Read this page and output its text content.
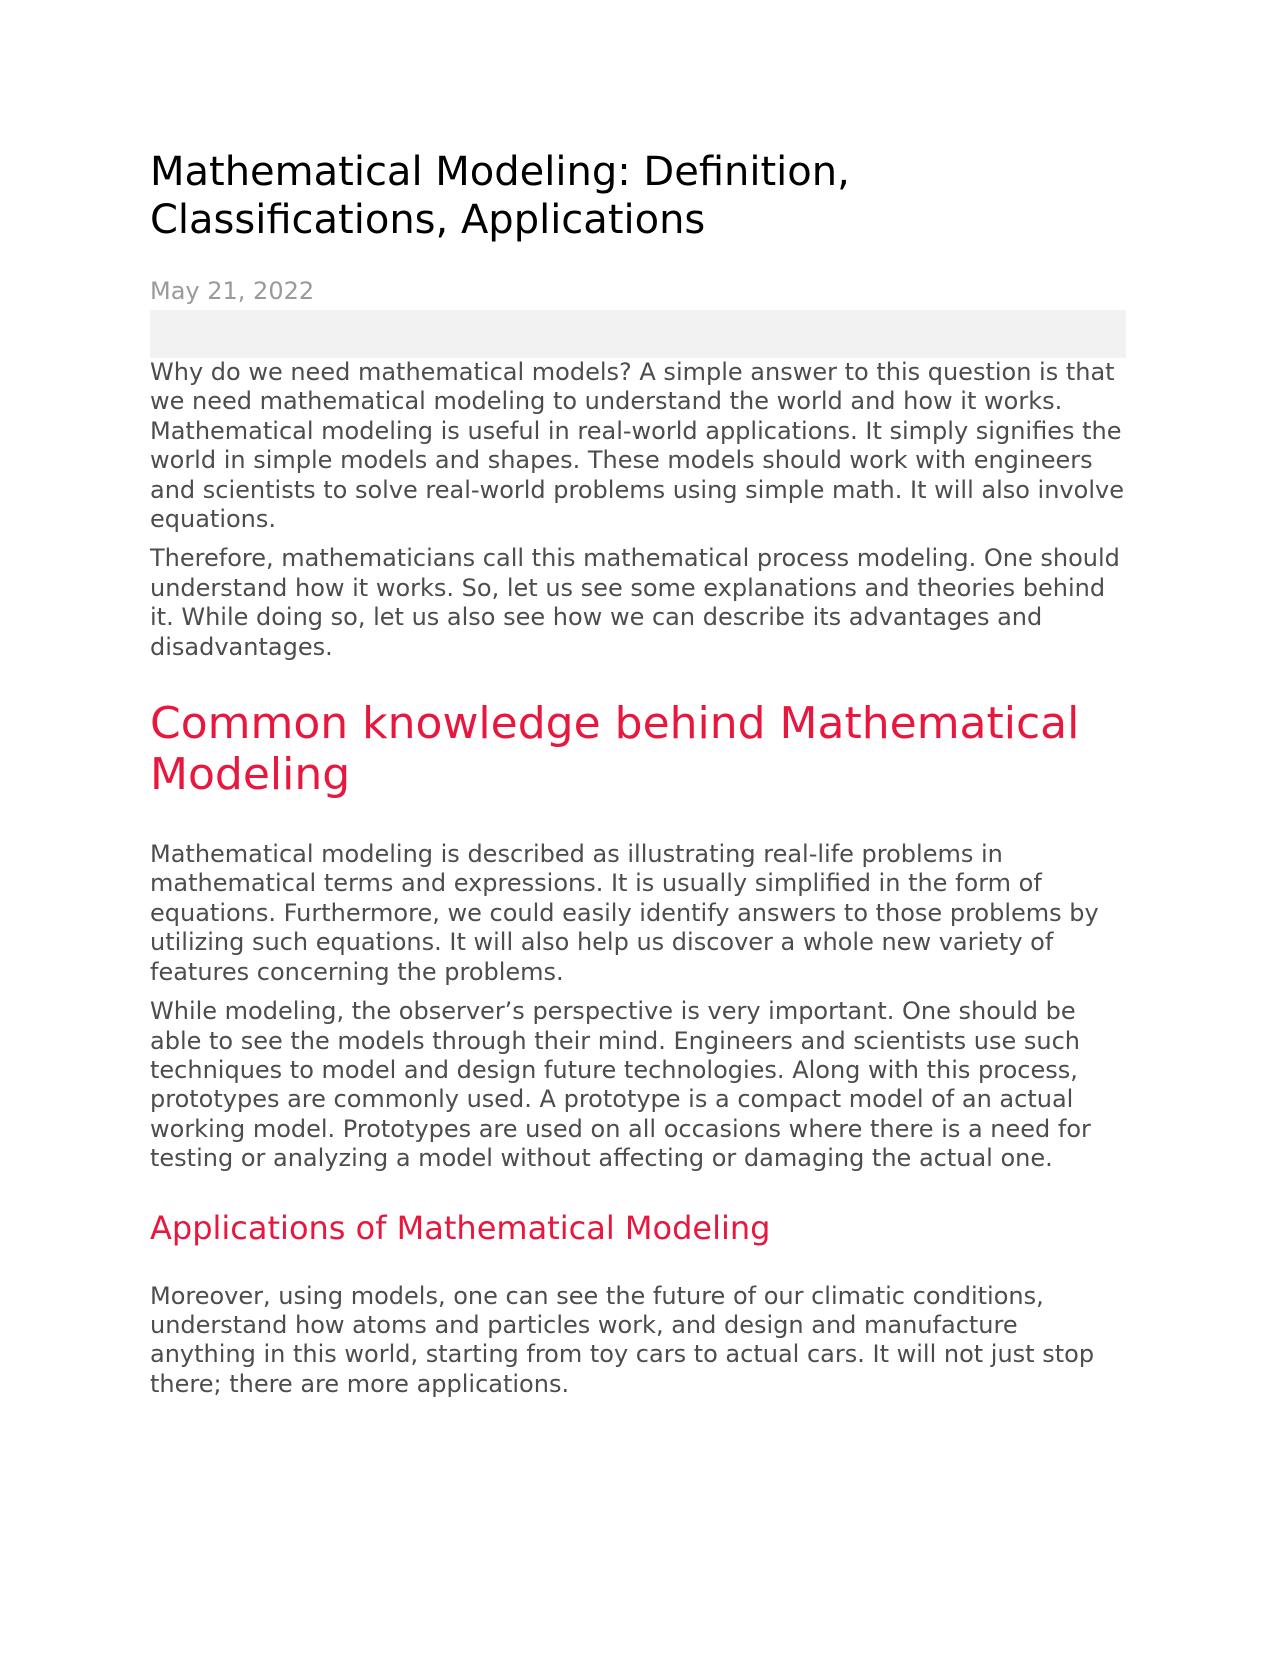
Mathematical Modeling: Definition, Classifications, Applications
May 21, 2022

Why do we need mathematical models? A simple answer to this question is that we need mathematical modeling to understand the world and how it works. Mathematical modeling is useful in real-world applications. It simply signifies the world in simple models and shapes. These models should work with engineers and scientists to solve real-world problems using simple math. It will also involve equations.

Therefore, mathematicians call this mathematical process modeling. One should understand how it works. So, let us see some explanations and theories behind it. While doing so, let us also see how we can describe its advantages and disadvantages.

Common knowledge behind Mathematical Modeling

Mathematical modeling is described as illustrating real-life problems in mathematical terms and expressions. It is usually simplified in the form of equations. Furthermore, we could easily identify answers to those problems by utilizing such equations. It will also help us discover a whole new variety of features concerning the problems.

While modeling, the observer’s perspective is very important. One should be able to see the models through their mind. Engineers and scientists use such techniques to model and design future technologies. Along with this process, prototypes are commonly used. A prototype is a compact model of an actual working model. Prototypes are used on all occasions where there is a need for testing or analyzing a model without affecting or damaging the actual one.

Applications of Mathematical Modeling

Moreover, using models, one can see the future of our climatic conditions, understand how atoms and particles work, and design and manufacture anything in this world, starting from toy cars to actual cars. It will not just stop there; there are more applications.
